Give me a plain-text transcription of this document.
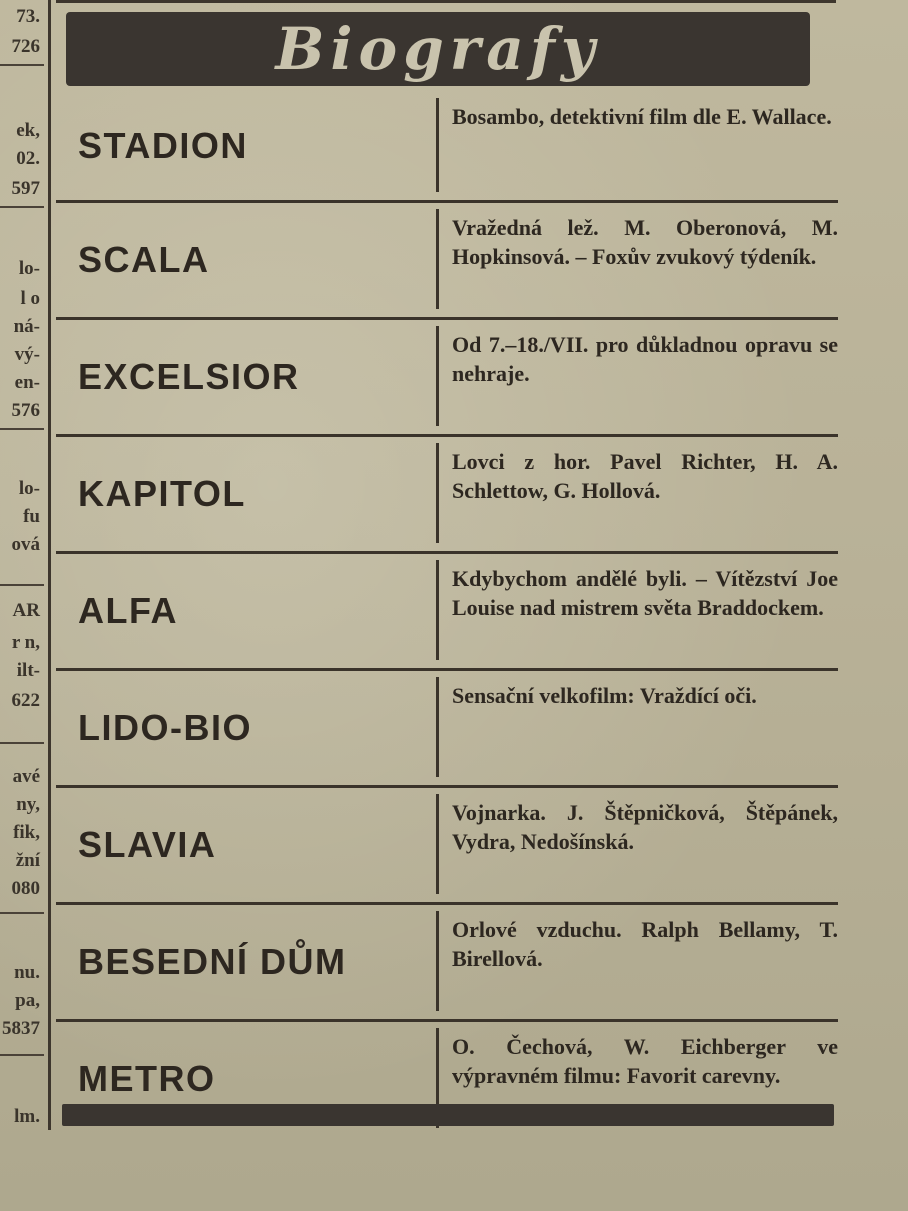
73.
726
ek,
02.
597
lo-
l o
ná-
vý-
en-
576
lo-
fu
ová
AR
r n,
ilt-
622
avé
ny,
fik,
žní
080
nu.
pa,
5837
lm.
Biografy
STADION
Bosambo, detektivní film dle E. Wallace.
SCALA
Vražedná lež. M. Oberonová, M. Hopkinsová. – Foxův zvukový týdeník.
EXCELSIOR
Od 7.–18./VII. pro důkladnou opravu se nehraje.
KAPITOL
Lovci z hor. Pavel Richter, H. A. Schlettow, G. Hollová.
ALFA
Kdybychom andělé byli. – Vítězství Joe Louise nad mistrem světa Braddockem.
LIDO-BIO
Sensační velkofilm: Vraždící oči.
SLAVIA
Vojnarka. J. Štěpničková, Štěpánek, Vydra, Nedošínská.
BESEDNÍ DŮM
Orlové vzduchu. Ralph Bellamy, T. Birellová.
METRO
O. Čechová, W. Eichberger ve výpravném filmu: Favorit carevny.
